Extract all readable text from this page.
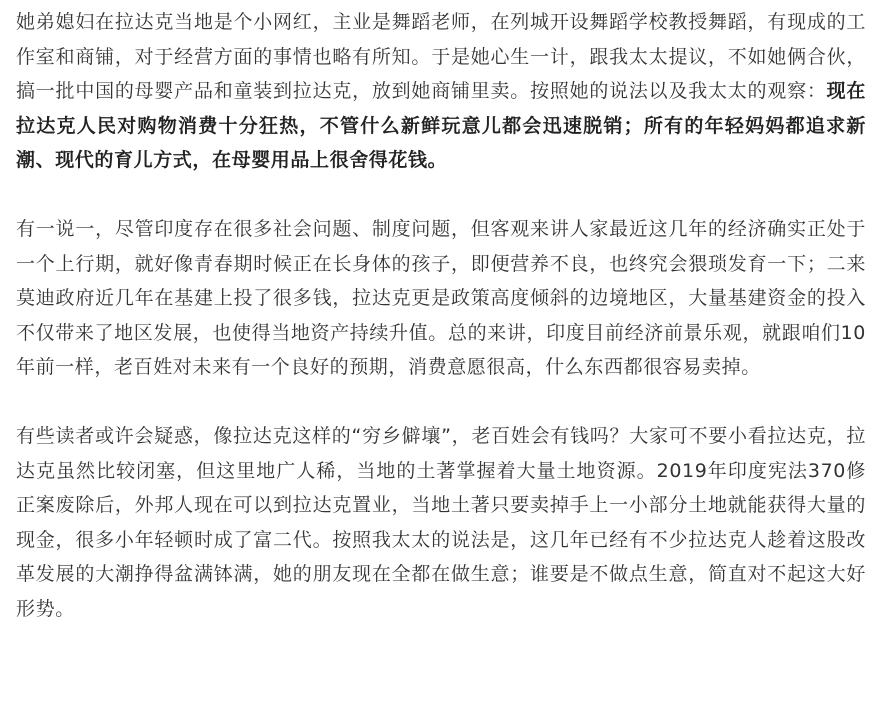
她弟媳妇在拉达克当地是个小网红，主业是舞蹈老师，在列城开设舞蹈学校教授舞蹈，有现成的工作室和商铺，对于经营方面的事情也略有所知。于是她心生一计，跟我太太提议，不如她俩合伙，搞一批中国的母婴产品和童装到拉达克，放到她商铺里卖。按照她的说法以及我太太的观察：现在拉达克人民对购物消费十分狂热，不管什么新鲜玩意儿都会迅速脱销；所有的年轻妈妈都追求新潮、现代的育儿方式，在母婴用品上很舍得花钱。

有一说一，尽管印度存在很多社会问题、制度问题，但客观来讲人家最近这几年的经济确实正处于一个上行期，就好像青春期时候正在长身体的孩子，即便营养不良，也终究会猥琐发育一下；二来莫迪政府近几年在基建上投了很多钱，拉达克更是政策高度倾斜的边境地区，大量基建资金的投入不仅带来了地区发展，也使得当地资产持续升值。总的来讲，印度目前经济前景乐观，就跟咱们10年前一样，老百姓对未来有一个良好的预期，消费意愿很高，什么东西都很容易卖掉。

有些读者或许会疑惑，像拉达克这样的“穷乡僻壤”，老百姓会有钱吗？大家可不要小看拉达克，拉达克虽然比较闭塞，但这里地广人稀，当地的土著掌握着大量土地资源。2019年印度宪法370修正案废除后，外邦人现在可以到拉达克置业，当地土著只要卖掉手上一小部分土地就能获得大量的现金，很多小年轻顿时成了富二代。按照我太太的说法是，这几年已经有不少拉达克人趁着这股改革发展的大潮挣得盆满钵满，她的朋友现在全都在做生意；谁要是不做点生意，简直对不起这大好形势。
